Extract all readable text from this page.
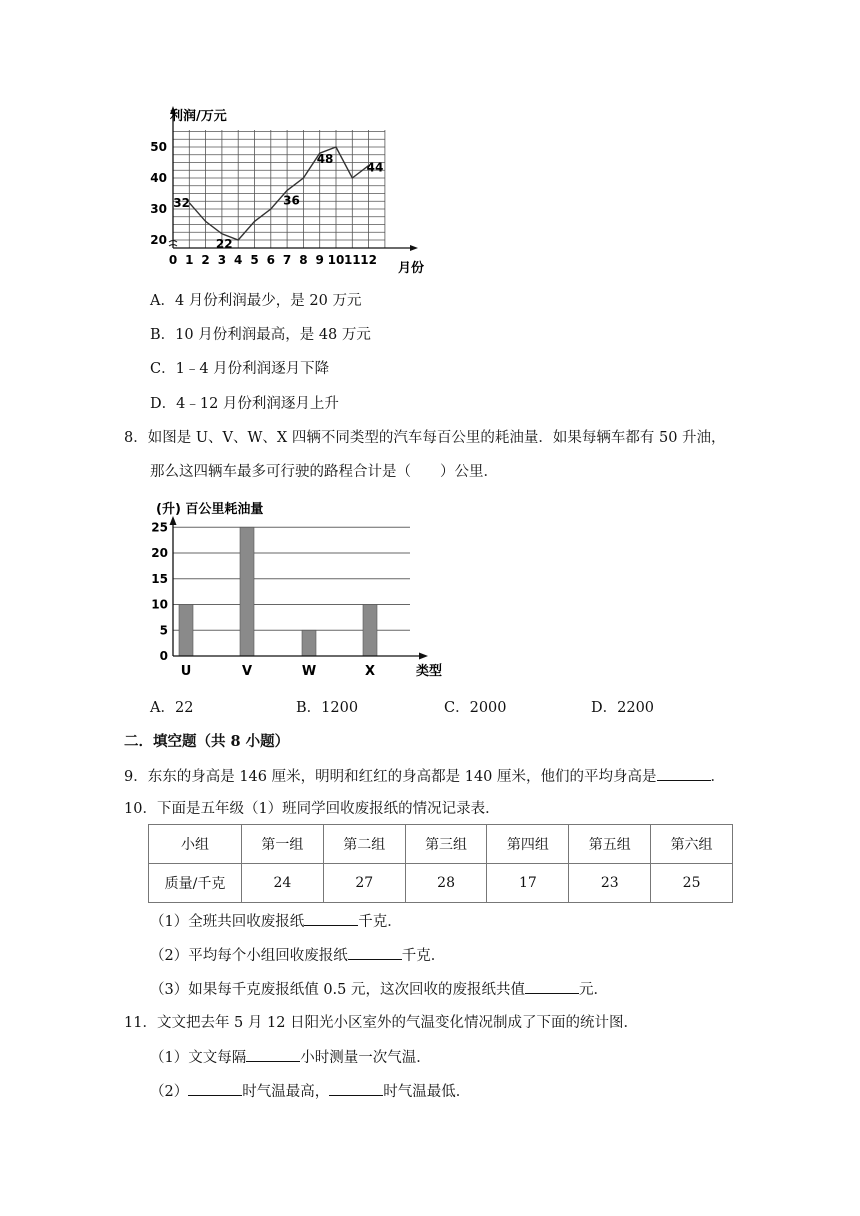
32
22
36
48
44
0 1 2 3 4 5 6 7 8 9 10 11 12
20
30
40
50
利润/万元
月份
A．4 月份利润最少，是 20 万元
B．10 月份利润最高，是 48 万元
C．1﹣4 月份利润逐月下降
D．4﹣12 月份利润逐月上升
8．如图是 U、V、W、X 四辆不同类型的汽车每百公里的耗油量．如果每辆车都有 50 升油，
那么这四辆车最多可行驶的路程合计是（　　）公里．
U	V	W	X
0
5
10
15
20
25
(升) 百公里耗油量
类型
A．22	B．1200	C．2000	D．2200
二．填空题（共 8 小题）
9．东东的身高是 146 厘米，明明和红红的身高都是 140 厘米，他们的平均身高是	．
10．下面是五年级（1）班同学回收废报纸的情况记录表．
小组	第一组	第二组	第三组	第四组	第五组	第六组
质量/千克	24	27	28	17	23	25
（1）全班共回收废报纸	千克．
（2）平均每个小组回收废报纸	千克．
（3）如果每千克废报纸值 0.5 元，这次回收的废报纸共值	元．
11．文文把去年 5 月 12 日阳光小区室外的气温变化情况制成了下面的统计图．
（1）文文每隔	小时测量一次气温．
（2）	时气温最高，	时气温最低．
